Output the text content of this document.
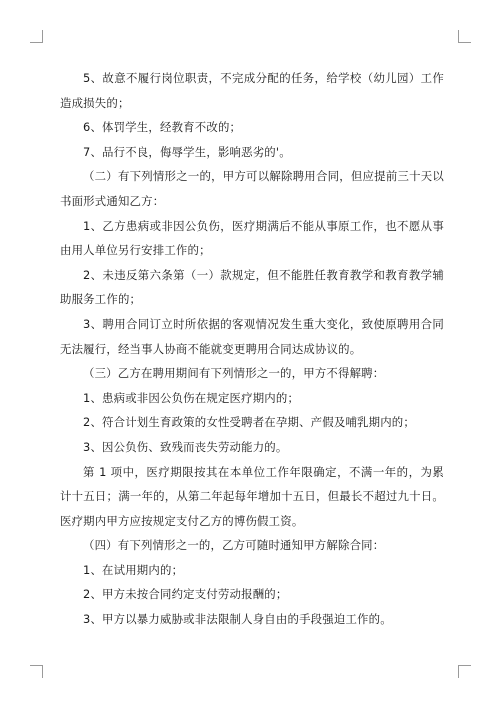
5、故意不履行岗位职责，不完成分配的任务，给学校（幼儿园）工作造成损失的；

6、体罚学生，经教育不改的；

7、品行不良，侮辱学生，影响恶劣的'。

（二）有下列情形之一的，甲方可以解除聘用合同，但应提前三十天以书面形式通知乙方：

1、乙方患病或非因公负伤，医疗期满后不能从事原工作，也不愿从事由用人单位另行安排工作的；

2、未违反第六条第（一）款规定，但不能胜任教育教学和教育教学辅助服务工作的；

3、聘用合同订立时所依据的客观情况发生重大变化，致使原聘用合同无法履行，经当事人协商不能就变更聘用合同达成协议的。

（三）乙方在聘用期间有下列情形之一的，甲方不得解聘：

1、患病或非因公负伤在规定医疗期内的；

2、符合计划生育政策的女性受聘者在孕期、产假及哺乳期内的；

3、因公负伤、致残而丧失劳动能力的。

第 1 项中，医疗期限按其在本单位工作年限确定，不满一年的，为累计十五日；满一年的，从第二年起每年增加十五日，但最长不超过九十日。医疗期内甲方应按规定支付乙方的博伤假工资。

（四）有下列情形之一的，乙方可随时通知甲方解除合同：

1、在试用期内的；

2、甲方未按合同约定支付劳动报酬的；

3、甲方以暴力威胁或非法限制人身自由的手段强迫工作的。
